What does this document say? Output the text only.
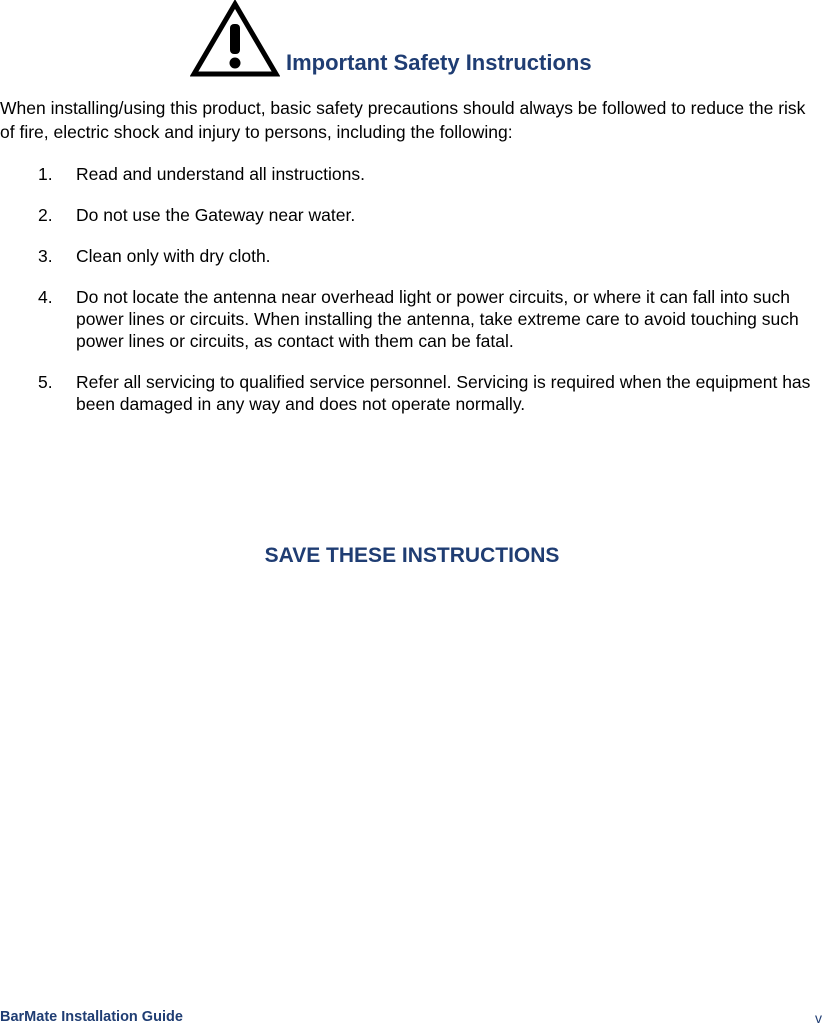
Important Safety Instructions

When installing/using this product, basic safety precautions should always be followed to reduce the risk of fire, electric shock and injury to persons, including the following:

1. Read and understand all instructions.
2. Do not use the Gateway near water.
3. Clean only with dry cloth.
4. Do not locate the antenna near overhead light or power circuits, or where it can fall into such power lines or circuits. When installing the antenna, take extreme care to avoid touching such power lines or circuits, as contact with them can be fatal.
5. Refer all servicing to qualified service personnel. Servicing is required when the equipment has been damaged in any way and does not operate normally.

SAVE THESE INSTRUCTIONS

BarMate Installation Guide	v
